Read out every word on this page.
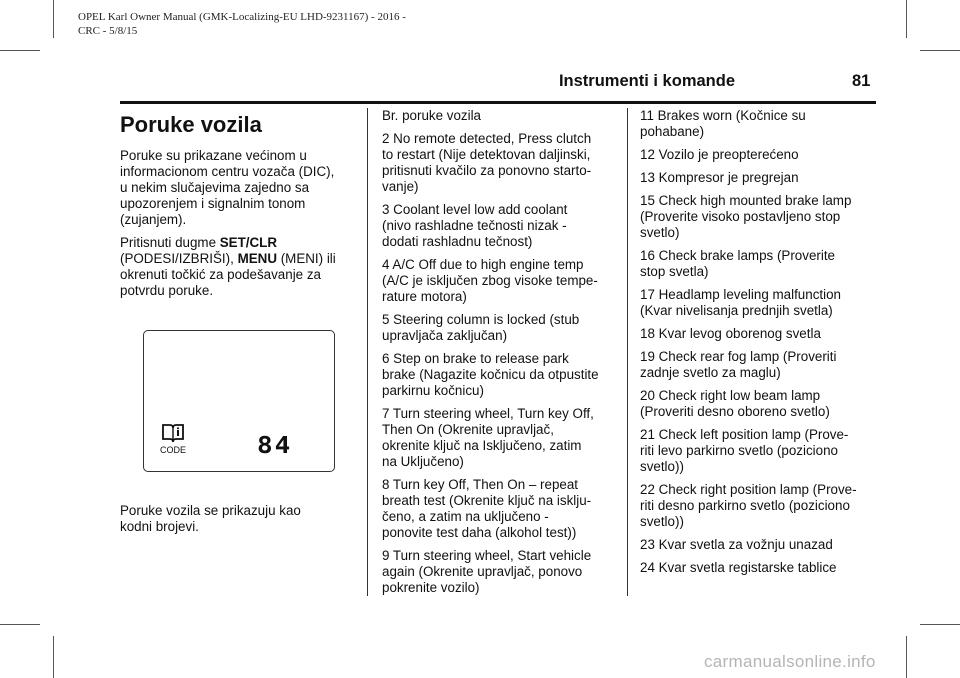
OPEL Karl Owner Manual (GMK-Localizing-EU LHD-9231167) - 2016 -
CRC - 5/8/15
Instrumenti i komande	81
Poruke vozila

Poruke su prikazane većinom u
informacionom centru vozača (DIC),
u nekim slučajevima zajedno sa
upozorenjem i signalnim tonom
(zujanjem).

Pritisnuti dugme SET/CLR
(PODESI/IZBRIŠI), MENU (MENI) ili
okrenuti točkić za podešavanje za
potvrdu poruke.

CODE	84
Poruke vozila se prikazuju kao
kodni brojevi.

Br. poruke vozila

2 No remote detected, Press clutch
to restart (Nije detektovan daljinski,
pritisnuti kvačilo za ponovno starto-
vanje)

3 Coolant level low add coolant
(nivo rashladne tečnosti nizak -
dodati rashladnu tečnost)

4 A/C Off due to high engine temp
(A/C je isključen zbog visoke tempe-
rature motora)

5 Steering column is locked (stub
upravljača zaključan)

6 Step on brake to release park
brake (Nagazite kočnicu da otpustite
parkirnu kočnicu)

7 Turn steering wheel, Turn key Off,
Then On (Okrenite upravljač,
okrenite ključ na Isključeno, zatim
na Uključeno)

8 Turn key Off, Then On – repeat
breath test (Okrenite ključ na isklju-
čeno, a zatim na uključeno -
ponovite test daha (alkohol test))

9 Turn steering wheel, Start vehicle
again (Okrenite upravljač, ponovo
pokrenite vozilo)

11 Brakes worn (Kočnice su
pohabane)

12 Vozilo je preopterećeno

13 Kompresor je pregrejan

15 Check high mounted brake lamp
(Proverite visoko postavljeno stop
svetlo)

16 Check brake lamps (Proverite
stop svetla)

17 Headlamp leveling malfunction
(Kvar nivelisanja prednjih svetla)

18 Kvar levog oborenog svetla

19 Check rear fog lamp (Proveriti
zadnje svetlo za maglu)

20 Check right low beam lamp
(Proveriti desno oboreno svetlo)

21 Check left position lamp (Prove-
riti levo parkirno svetlo (poziciono
svetlo))

22 Check right position lamp (Prove-
riti desno parkirno svetlo (poziciono
svetlo))

23 Kvar svetla za vožnju unazad

24 Kvar svetla registarske tablice

carmanualsonline.info
